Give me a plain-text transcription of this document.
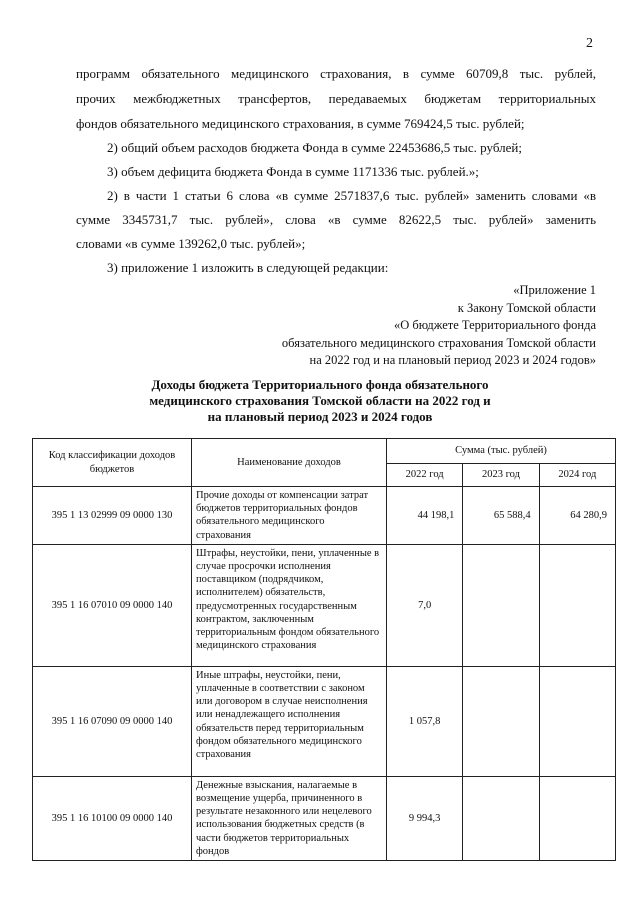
2
программ обязательного медицинского страхования, в сумме 60709,8 тыс. рублей,
прочих межбюджетных трансфертов, передаваемых бюджетам территориальных
фондов обязательного медицинского страхования, в сумме 769424,5 тыс. рублей;
2) общий объем расходов бюджета Фонда в сумме 22453686,5 тыс. рублей;
3) объем дефицита бюджета Фонда в сумме 1171336 тыс. рублей.»;
2) в части 1 статьи 6 слова «в сумме 2571837,6 тыс. рублей» заменить словами «в
сумме 3345731,7 тыс. рублей», слова «в сумме 82622,5 тыс. рублей» заменить
словами «в сумме 139262,0 тыс. рублей»;
3) приложение 1 изложить в следующей редакции:
«Приложение 1
к Закону Томской области
«О бюджете Территориального фонда
обязательного медицинского страхования Томской области
на 2022 год и на плановый период 2023 и 2024 годов»
Доходы бюджета Территориального фонда обязательного
медицинского страхования Томской области на 2022 год и
на плановый период 2023 и 2024 годов
Код классификации доходов бюджетов	Наименование доходов	Сумма (тыс. рублей)		
		2022 год	2023 год	2024 год
395 1 13 02999 09 0000 130	Прочие доходы от компенсации затрат бюджетов территориальных фондов обязательного медицинского страхования	44 198,1	65 588,4	64 280,9
395 1 16 07010 09 0000 140	Штрафы, неустойки, пени, уплаченные в случае просрочки исполнения поставщиком (подрядчиком, исполнителем) обязательств, предусмотренных государственным контрактом, заключенным территориальным фондом обязательного медицинского страхования	7,0		
395 1 16 07090 09 0000 140	Иные штрафы, неустойки, пени, уплаченные в соответствии с законом или договором в случае неисполнения или ненадлежащего исполнения обязательств перед территориальным фондом обязательного медицинского страхования	1 057,8		
395 1 16 10100 09 0000 140	Денежные взыскания, налагаемые в возмещение ущерба, причиненного в результате незаконного или нецелевого использования бюджетных средств (в части бюджетов территориальных фондов	9 994,3		
